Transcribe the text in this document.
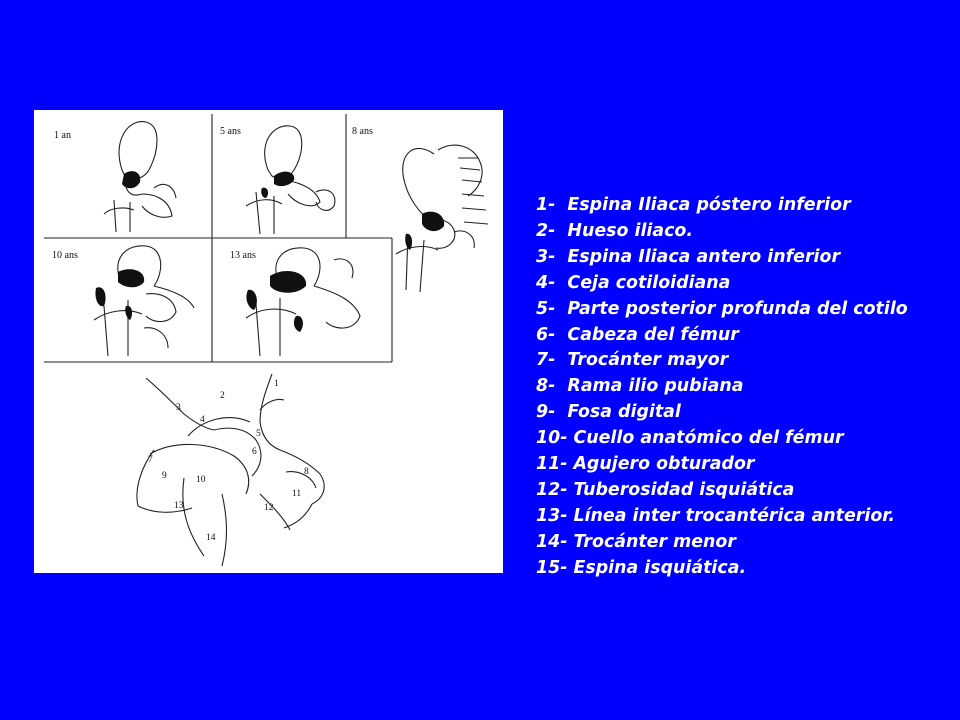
1 an	5 ans	8 ans
10 ans	13 ans
1
2
3
4
5
6
7
8
9	10
11
12
13
14
1-  Espina Iliaca póstero inferior
2-  Hueso iliaco.
3-  Espina Iliaca antero inferior
4-  Ceja cotiloidiana
5-  Parte posterior profunda del cotilo
6-  Cabeza del fémur
7-  Trocánter mayor
8-  Rama ilio pubiana
9-  Fosa digital
10- Cuello anatómico del fémur
11- Agujero obturador
12- Tuberosidad isquiática
13- Línea inter trocantérica anterior.
14- Trocánter menor
15- Espina isquiática.
